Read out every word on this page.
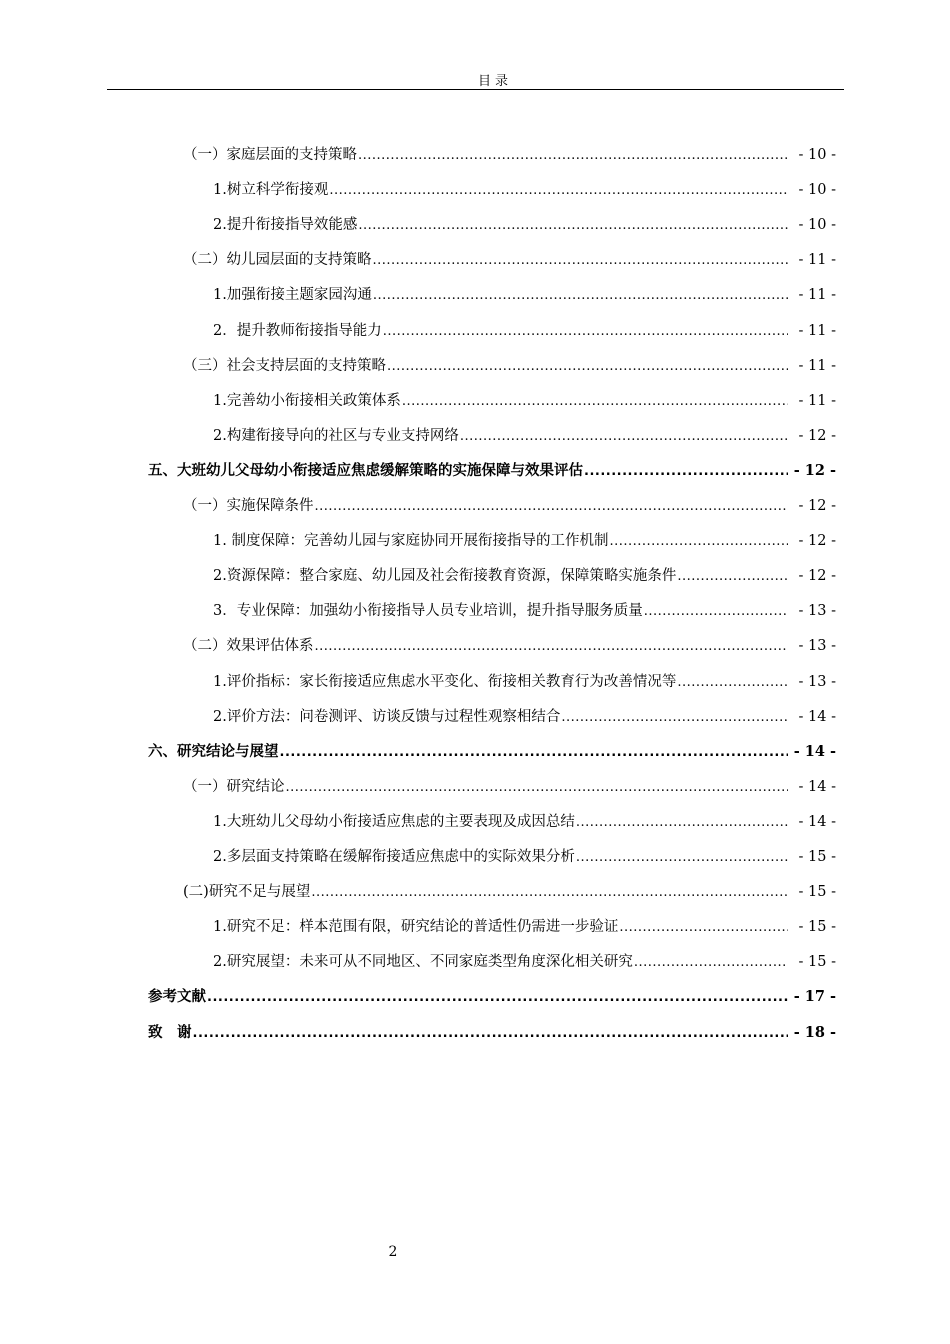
目录
（一）家庭层面的支持策略 .....	- 10 -
1.树立科学衔接观 .....	- 10 -
2.提升衔接指导效能感 .....	- 10 -
（二）幼儿园层面的支持策略 .....	- 11 -
1.加强衔接主题家园沟通 .....	- 11 -
2．提升教师衔接指导能力 .....	- 11 -
（三）社会支持层面的支持策略 .....	- 11 -
1.完善幼小衔接相关政策体系 .....	- 11 -
2.构建衔接导向的社区与专业支持网络 .....	- 12 -
五、大班幼儿父母幼小衔接适应焦虑缓解策略的实施保障与效果评估 .....	- 12 -
（一）实施保障条件 .....	- 12 -
1. 制度保障：完善幼儿园与家庭协同开展衔接指导的工作机制 .....	- 12 -
2.资源保障：整合家庭、幼儿园及社会衔接教育资源，保障策略实施条件 .....	- 12 -
3．专业保障：加强幼小衔接指导人员专业培训，提升指导服务质量 .....	- 13 -
（二）效果评估体系 .....	- 13 -
1.评价指标：家长衔接适应焦虑水平变化、衔接相关教育行为改善情况等 .....	- 13 -
2.评价方法：问卷测评、访谈反馈与过程性观察相结合 .....	- 14 -
六、研究结论与展望 .....	- 14 -
（一）研究结论 .....	- 14 -
1.大班幼儿父母幼小衔接适应焦虑的主要表现及成因总结 .....	- 14 -
2.多层面支持策略在缓解衔接适应焦虑中的实际效果分析 .....	- 15 -
(二)研究不足与展望 .....	- 15 -
1.研究不足：样本范围有限，研究结论的普适性仍需进一步验证 .....	- 15 -
2.研究展望：未来可从不同地区、不同家庭类型角度深化相关研究 .....	- 15 -
参考文献 .....	- 17 -
致　谢 .....	- 18 -
2
